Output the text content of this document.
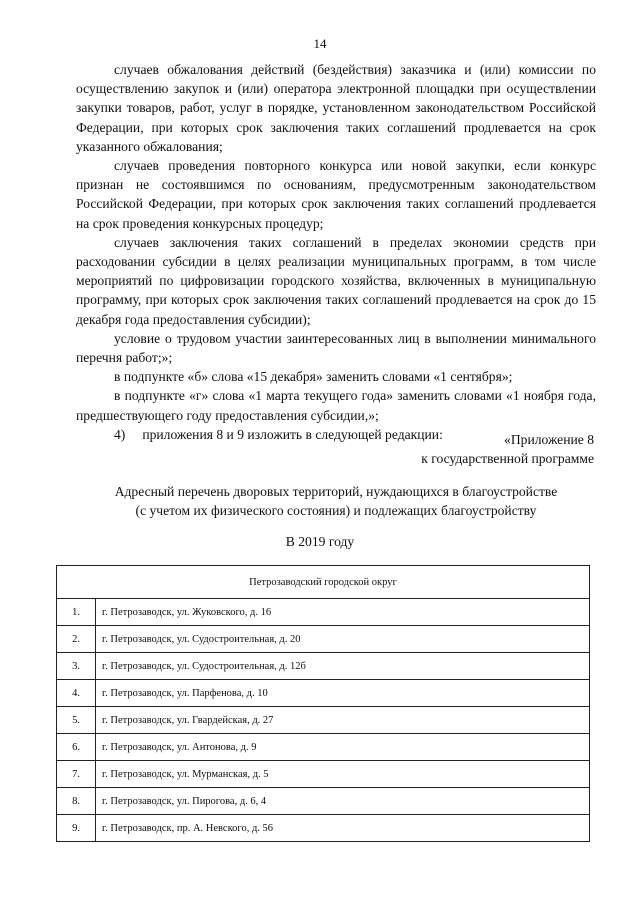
14

случаев обжалования действий (бездействия) заказчика и (или) комиссии по осуществлению закупок и (или) оператора электронной площадки при осуществлении закупки товаров, работ, услуг в порядке, установленном законодательством Российской Федерации, при которых срок заключения таких соглашений продлевается на срок указанного обжалования;

случаев проведения повторного конкурса или новой закупки, если конкурс признан не состоявшимся по основаниям, предусмотренным законодательством Российской Федерации, при которых срок заключения таких соглашений продлевается на срок проведения конкурсных процедур;

случаев заключения таких соглашений в пределах экономии средств при расходовании субсидии в целях реализации муниципальных программ, в том числе мероприятий по цифровизации городского хозяйства, включенных в муниципальную программу, при которых срок заключения таких соглашений продлевается на срок до 15 декабря года предоставления субсидии);

условие о трудовом участии заинтересованных лиц в выполнении минимального перечня работ;»;

в подпункте «б» слова «15 декабря» заменить словами «1 сентября»;

в подпункте «г» слова «1 марта текущего года» заменить словами «1 ноября года, предшествующего году предоставления субсидии,»;

4) приложения 8 и 9 изложить в следующей редакции:	«Приложение 8
к государственной программе
Адресный перечень дворовых территорий, нуждающихся в благоустройстве
(с учетом их физического состояния) и подлежащих благоустройству
В 2019 году
Петрозаводский городской округ	
1.	г. Петрозаводск, ул. Жуковского, д. 16
2.	г. Петрозаводск, ул. Судостроительная, д. 20
3.	г. Петрозаводск, ул. Судостроительная, д. 12б
4.	г. Петрозаводск, ул. Парфенова, д. 10
5.	г. Петрозаводск, ул. Гвардейская, д. 27
6.	г. Петрозаводск, ул. Антонова, д. 9
7.	г. Петрозаводск, ул. Мурманская, д. 5
8.	г. Петрозаводск, ул. Пирогова, д. 6, 4
9.	г. Петрозаводск, пр. А. Невского, д. 56
